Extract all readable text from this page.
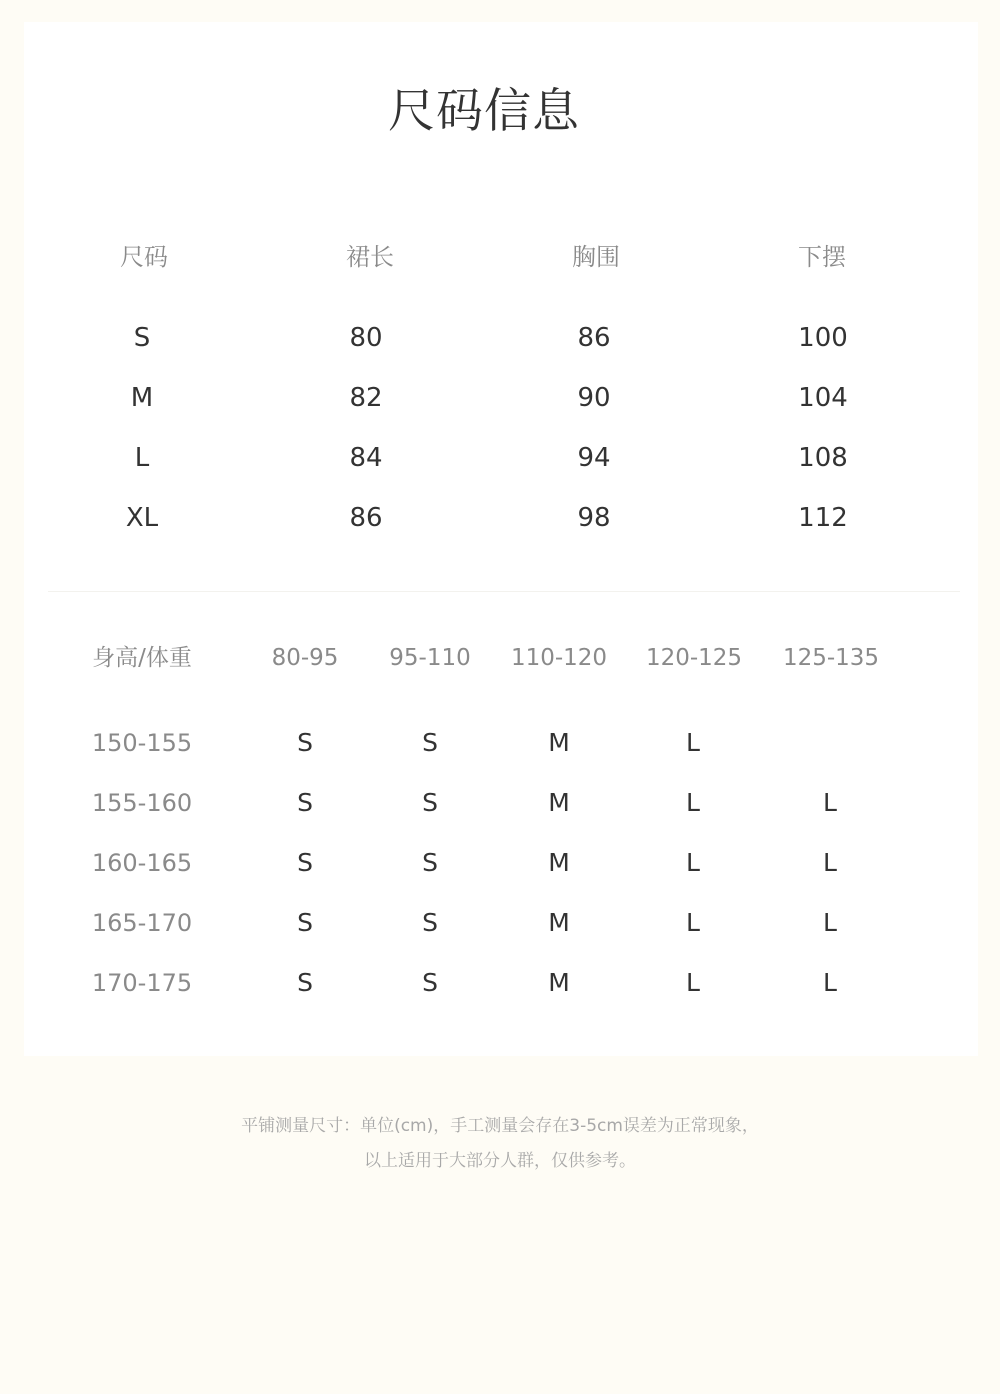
尺码信息
尺码	裙长	胸围	下摆
S	80	86	100
M	82	90	104
L	84	94	108
XL	86	98	112
身高/体重	80-95 95-110 110-120 120-125 125-135
150-155	S	S	M	L
155-160	S	S	M	L	L
160-165	S	S	M	L	L
165-170	S	S	M	L	L
170-175	S	S	M	L	L
平铺测量尺寸：单位(cm)，手工测量会存在3-5cm误差为正常现象，
以上适用于大部分人群，仅供参考。
